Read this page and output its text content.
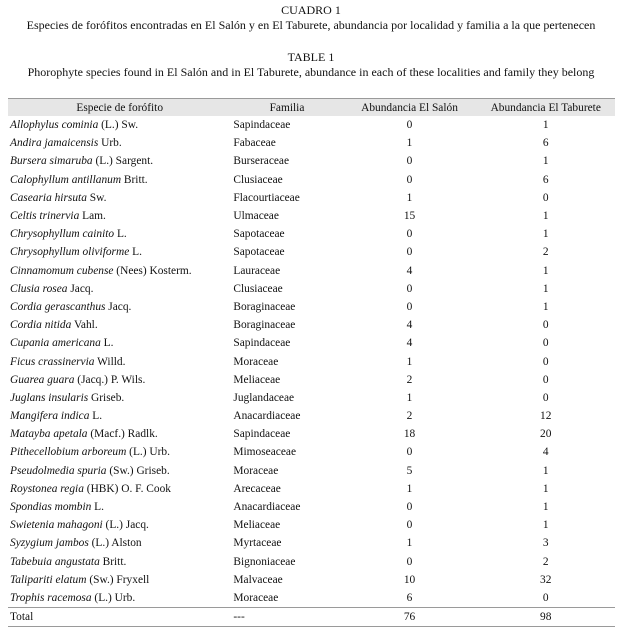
CUADRO 1

Especies de forófitos encontradas en El Salón y en El Taburete, abundancia por localidad y familia a la que pertenecen

TABLE 1

Phorophyte species found in El Salón and in El Taburete, abundance in each of these localities and family they belong

Especie de forófito	Familia	Abundancia El Salón	Abundancia El Taburete
Allophylus cominia (L.) Sw.	Sapindaceae	0	1
Andira jamaicensis Urb.	Fabaceae	1	6
Bursera simaruba (L.) Sargent.	Burseraceae	0	1
Calophyllum antillanum Britt.	Clusiaceae	0	6
Casearia hirsuta Sw.	Flacourtiaceae	1	0
Celtis trinervia Lam.	Ulmaceae	15	1
Chrysophyllum cainito L.	Sapotaceae	0	1
Chrysophyllum oliviforme L.	Sapotaceae	0	2
Cinnamomum cubense (Nees) Kosterm.	Lauraceae	4	1
Clusia rosea Jacq.	Clusiaceae	0	1
Cordia gerascanthus Jacq.	Boraginaceae	0	1
Cordia nitida Vahl.	Boraginaceae	4	0
Cupania americana L.	Sapindaceae	4	0
Ficus crassinervia Willd.	Moraceae	1	0
Guarea guara (Jacq.) P. Wils.	Meliaceae	2	0
Juglans insularis Griseb.	Juglandaceae	1	0
Mangifera indica L.	Anacardiaceae	2	12
Matayba apetala (Macf.) Radlk.	Sapindaceae	18	20
Pithecellobium arboreum (L.) Urb.	Mimoseaceae	0	4
Pseudolmedia spuria (Sw.) Griseb.	Moraceae	5	1
Roystonea regia (HBK) O. F. Cook	Arecaceae	1	1
Spondias mombin L.	Anacardiaceae	0	1
Swietenia mahagoni (L.) Jacq.	Meliaceae	0	1
Syzygium jambos (L.) Alston	Myrtaceae	1	3
Tabebuia angustata Britt.	Bignoniaceae	0	2
Talipariti elatum (Sw.) Fryxell	Malvaceae	10	32
Trophis racemosa (L.) Urb.	Moraceae	6	0
Total	---	76	98
